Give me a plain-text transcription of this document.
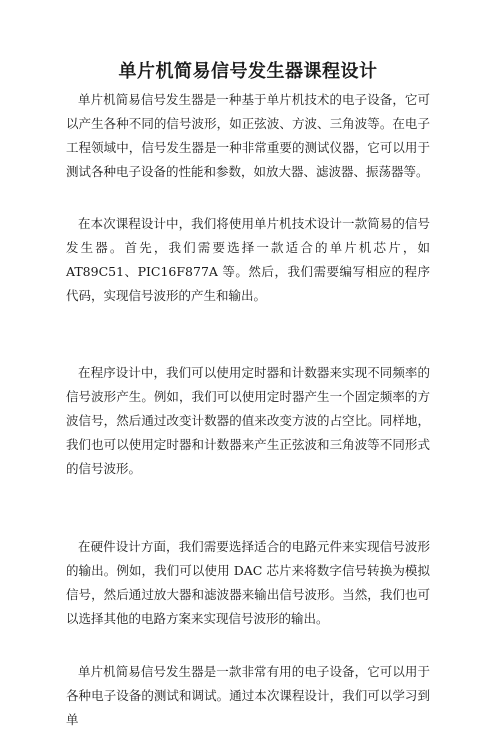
单片机简易信号发生器课程设计

单片机简易信号发生器是一种基于单片机技术的电子设备，它可以产生各种不同的信号波形，如正弦波、方波、三角波等。在电子工程领域中，信号发生器是一种非常重要的测试仪器，它可以用于测试各种电子设备的性能和参数，如放大器、滤波器、振荡器等。

在本次课程设计中，我们将使用单片机技术设计一款简易的信号发生器。首先，我们需要选择一款适合的单片机芯片，如 AT89C51、PIC16F877A 等。然后，我们需要编写相应的程序代码，实现信号波形的产生和输出。

在程序设计中，我们可以使用定时器和计数器来实现不同频率的信号波形产生。例如，我们可以使用定时器产生一个固定频率的方波信号，然后通过改变计数器的值来改变方波的占空比。同样地，我们也可以使用定时器和计数器来产生正弦波和三角波等不同形式的信号波形。

在硬件设计方面，我们需要选择适合的电路元件来实现信号波形的输出。例如，我们可以使用 DAC 芯片来将数字信号转换为模拟信号，然后通过放大器和滤波器来输出信号波形。当然，我们也可以选择其他的电路方案来实现信号波形的输出。

单片机简易信号发生器是一款非常有用的电子设备，它可以用于各种电子设备的测试和调试。通过本次课程设计，我们可以学习到单
